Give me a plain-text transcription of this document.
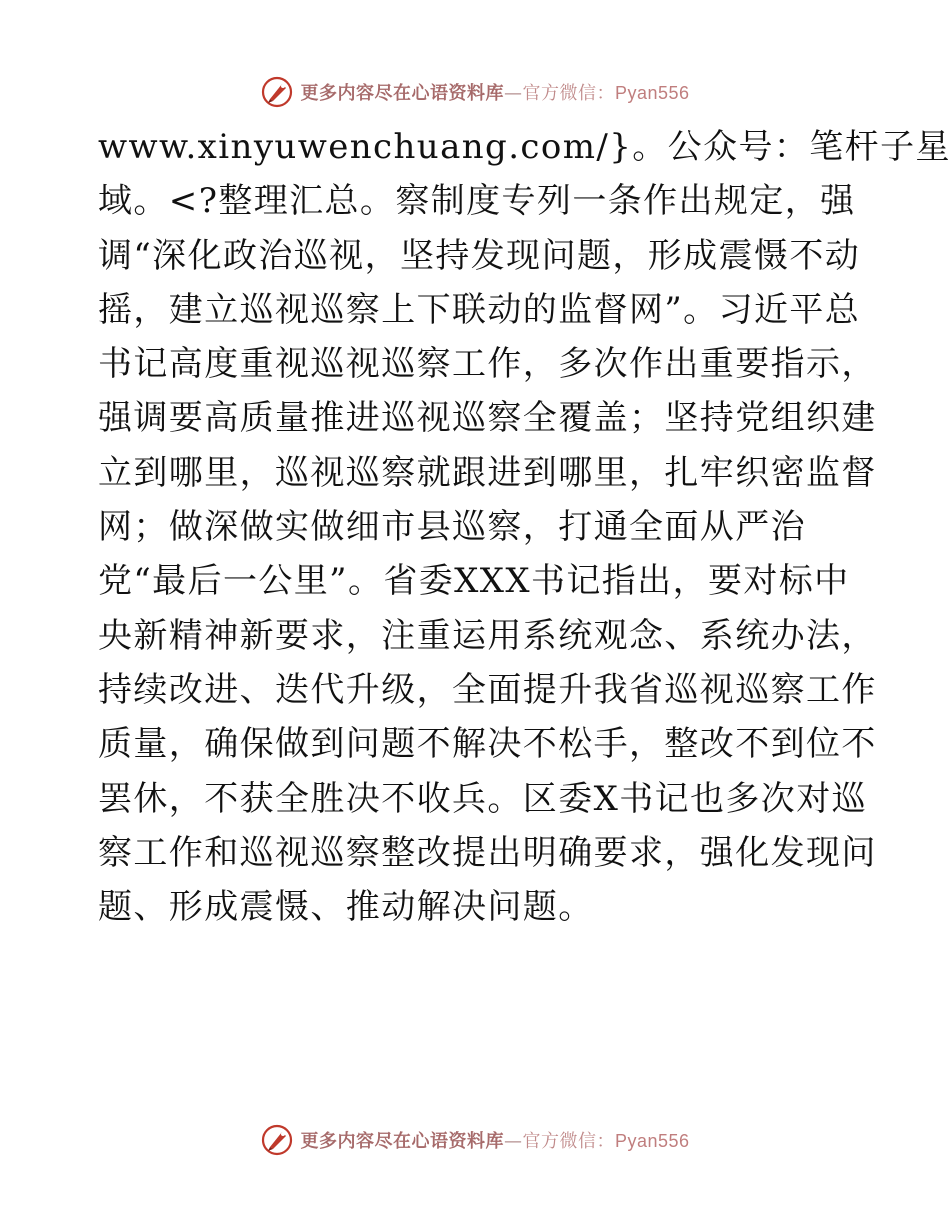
更多内容尽在心语资料库—官方微信：Pyan556
www.xinyuwenchuang.com/}。公众号：笔杆子星
域。<?整理汇总。察制度专列一条作出规定，强
调“深化政治巡视，坚持发现问题，形成震慑不动
摇，建立巡视巡察上下联动的监督网”。习近平总
书记高度重视巡视巡察工作，多次作出重要指示，
强调要高质量推进巡视巡察全覆盖；坚持党组织建
立到哪里，巡视巡察就跟进到哪里，扎牢织密监督
网；做深做实做细市县巡察，打通全面从严治
党“最后一公里”。省委XXX书记指出，要对标中
央新精神新要求，注重运用系统观念、系统办法，
持续改进、迭代升级，全面提升我省巡视巡察工作
质量，确保做到问题不解决不松手，整改不到位不
罢休，不获全胜决不收兵。区委X书记也多次对巡
察工作和巡视巡察整改提出明确要求，强化发现问
题、形成震慑、推动解决问题。
更多内容尽在心语资料库—官方微信：Pyan556
